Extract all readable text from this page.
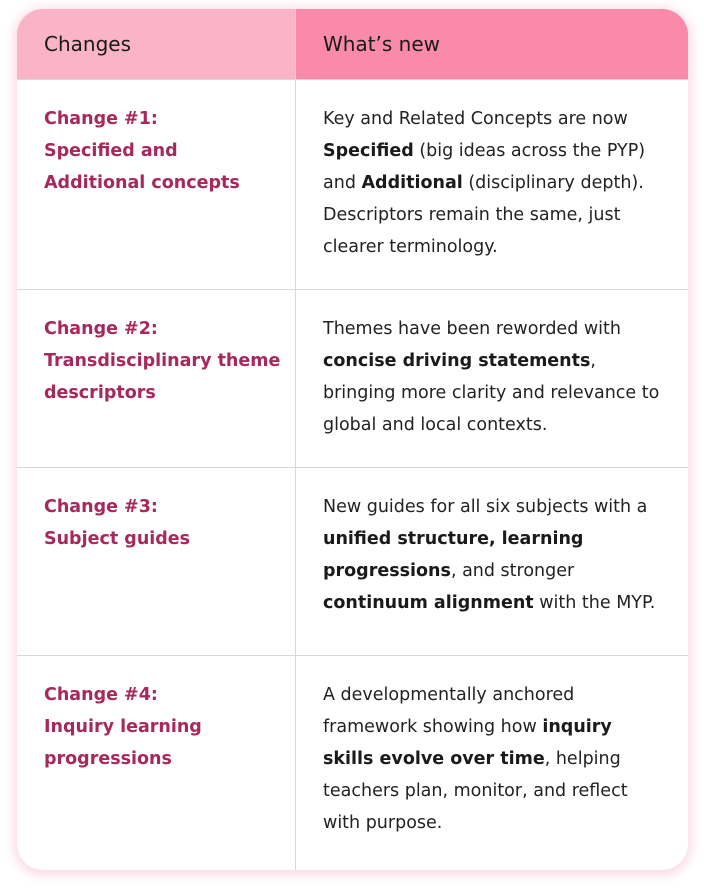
Changes	What’s new
Change #1:
Specified and
Additional concepts
Key and Related Concepts are now Specified (big ideas across the PYP) and Additional (disciplinary depth). Descriptors remain the same, just clearer terminology.
Change #2:
Transdisciplinary theme
descriptors
Themes have been reworded with concise driving statements, bringing more clarity and relevance to global and local contexts.
Change #3:
Subject guides
New guides for all six subjects with a unified structure, learning progressions, and stronger continuum alignment with the MYP.
Change #4:
Inquiry learning
progressions
A developmentally anchored framework showing how inquiry skills evolve over time, helping teachers plan, monitor, and reflect with purpose.
